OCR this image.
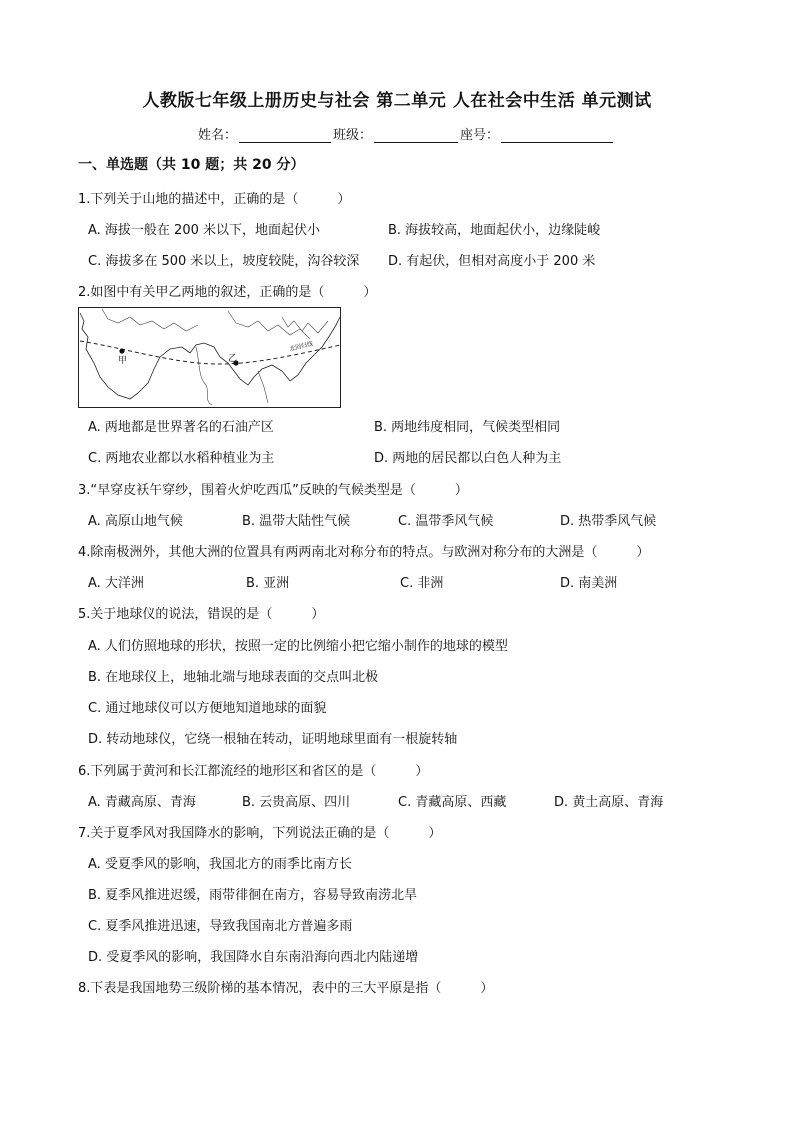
人教版七年级上册历史与社会 第二单元 人在社会中生活 单元测试
姓名：	班级：	座号：
一、单选题（共 10 题；共 20 分）
1.下列关于山地的描述中，正确的是（　　　）
A. 海拔一般在 200 米以下，地面起伏小	B. 海拔较高，地面起伏小，边缘陡峻
C. 海拔多在 500 米以上，坡度较陡，沟谷较深 D. 有起伏，但相对高度小于 200 米
2.如图中有关甲乙两地的叙述，正确的是（　　　）
甲	乙
北回归线
A. 两地都是世界著名的石油产区	B. 两地纬度相同，气候类型相同
C. 两地农业都以水稻种植业为主	D. 两地的居民都以白色人种为主
3.“早穿皮袄午穿纱，围着火炉吃西瓜”反映的气候类型是（　　　）
A. 高原山地气候	B. 温带大陆性气候	C. 温带季风气候	D. 热带季风气候
4.除南极洲外，其他大洲的位置具有两两南北对称分布的特点。与欧洲对称分布的大洲是（　　　）
A. 大洋洲	B. 亚洲	C. 非洲	D. 南美洲
5.关于地球仪的说法，错误的是（　　　）
A. 人们仿照地球的形状，按照一定的比例缩小把它缩小制作的地球的模型
B. 在地球仪上，地轴北端与地球表面的交点叫北极
C. 通过地球仪可以方便地知道地球的面貌
D. 转动地球仪，它绕一根轴在转动，证明地球里面有一根旋转轴
6.下列属于黄河和长江都流经的地形区和省区的是（　　　）
A. 青藏高原、青海	B. 云贵高原、四川	C. 青藏高原、西藏	D. 黄土高原、青海
7.关于夏季风对我国降水的影响，下列说法正确的是（　　　）
A. 受夏季风的影响，我国北方的雨季比南方长
B. 夏季风推进迟缓，雨带徘徊在南方，容易导致南涝北旱
C. 夏季风推进迅速，导致我国南北方普遍多雨
D. 受夏季风的影响，我国降水自东南沿海向西北内陆递增
8.下表是我国地势三级阶梯的基本情况，表中的三大平原是指（　　　）
